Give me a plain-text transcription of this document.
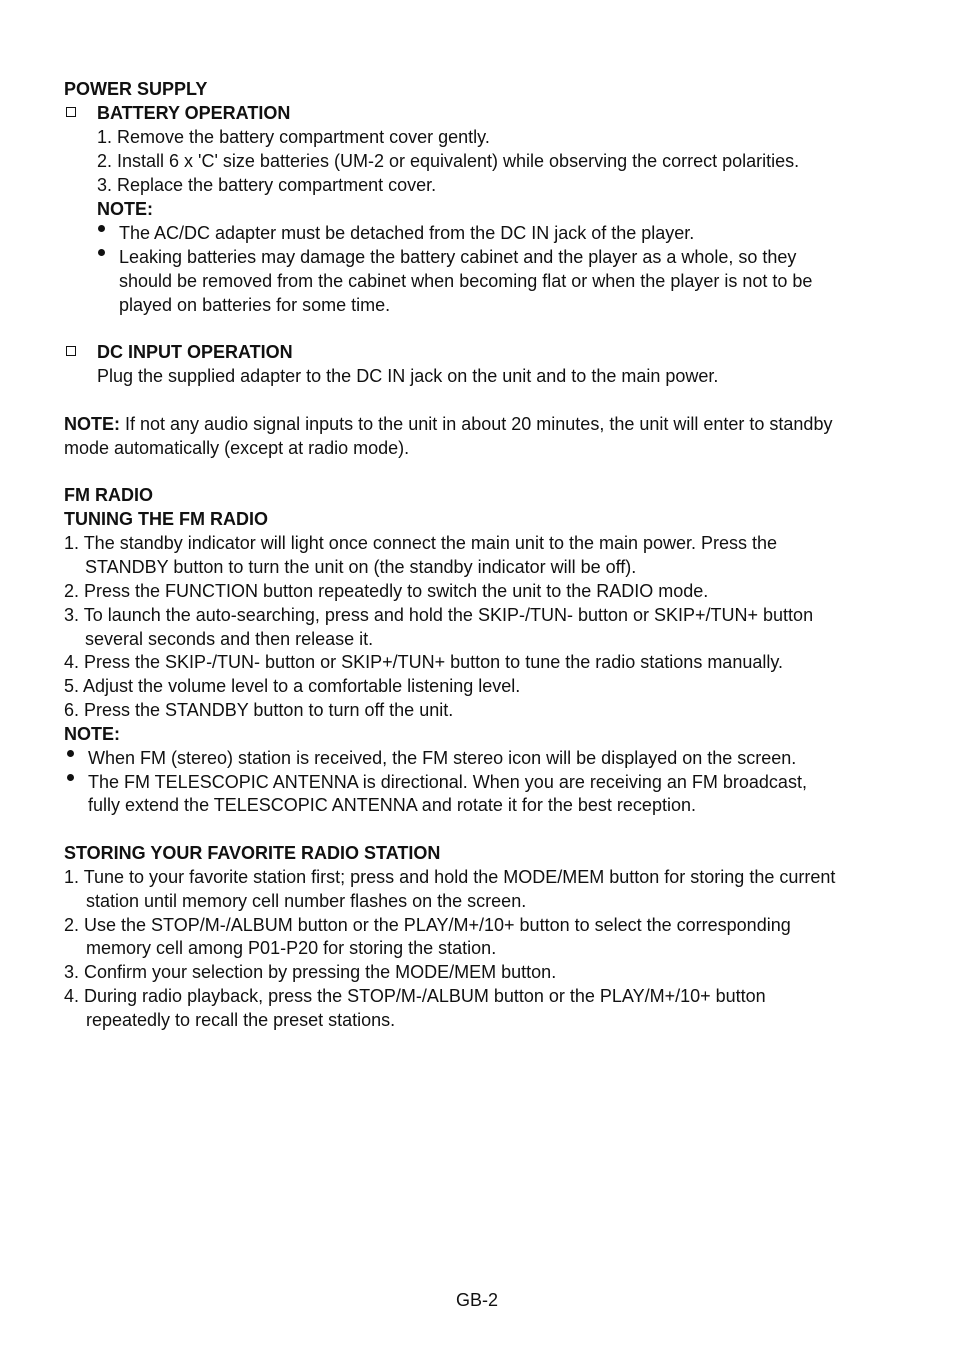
POWER SUPPLY
BATTERY OPERATION
1. Remove the battery compartment cover gently.
2. Install 6 x 'C' size batteries (UM-2 or equivalent) while observing the correct polarities.
3. Replace the battery compartment cover.
NOTE:
The AC/DC adapter must be detached from the DC IN jack of the player.
Leaking batteries may damage the battery cabinet and the player as a whole, so they
should be removed from the cabinet when becoming flat or when the player is not to be
played on batteries for some time.
DC INPUT OPERATION
Plug the supplied adapter to the DC IN jack on the unit and to the main power.
NOTE: If not any audio signal inputs to the unit in about 20 minutes, the unit will enter to standby
mode automatically (except at radio mode).
FM RADIO
TUNING THE FM RADIO
1. The standby indicator will light once connect the main unit to the main power. Press the
STANDBY button to turn the unit on (the standby indicator will be off).
2. Press the FUNCTION button repeatedly to switch the unit to the RADIO mode.
3. To launch the auto-searching, press and hold the SKIP-/TUN- button or SKIP+/TUN+ button
several seconds and then release it.
4. Press the SKIP-/TUN- button or SKIP+/TUN+ button to tune the radio stations manually.
5. Adjust the volume level to a comfortable listening level.
6. Press the STANDBY button to turn off the unit.
NOTE:
When FM (stereo) station is received, the FM stereo icon will be displayed on the screen.
The FM TELESCOPIC ANTENNA is directional. When you are receiving an FM broadcast,
fully extend the TELESCOPIC ANTENNA and rotate it for the best reception.
STORING YOUR FAVORITE RADIO STATION
1. Tune to your favorite station first; press and hold the MODE/MEM button for storing the current
station until memory cell number flashes on the screen.
2. Use the STOP/M-/ALBUM button or the PLAY/M+/10+ button to select the corresponding
memory cell among P01-P20 for storing the station.
3. Confirm your selection by pressing the MODE/MEM button.
4. During radio playback, press the STOP/M-/ALBUM button or the PLAY/M+/10+ button
repeatedly to recall the preset stations.
GB-2
